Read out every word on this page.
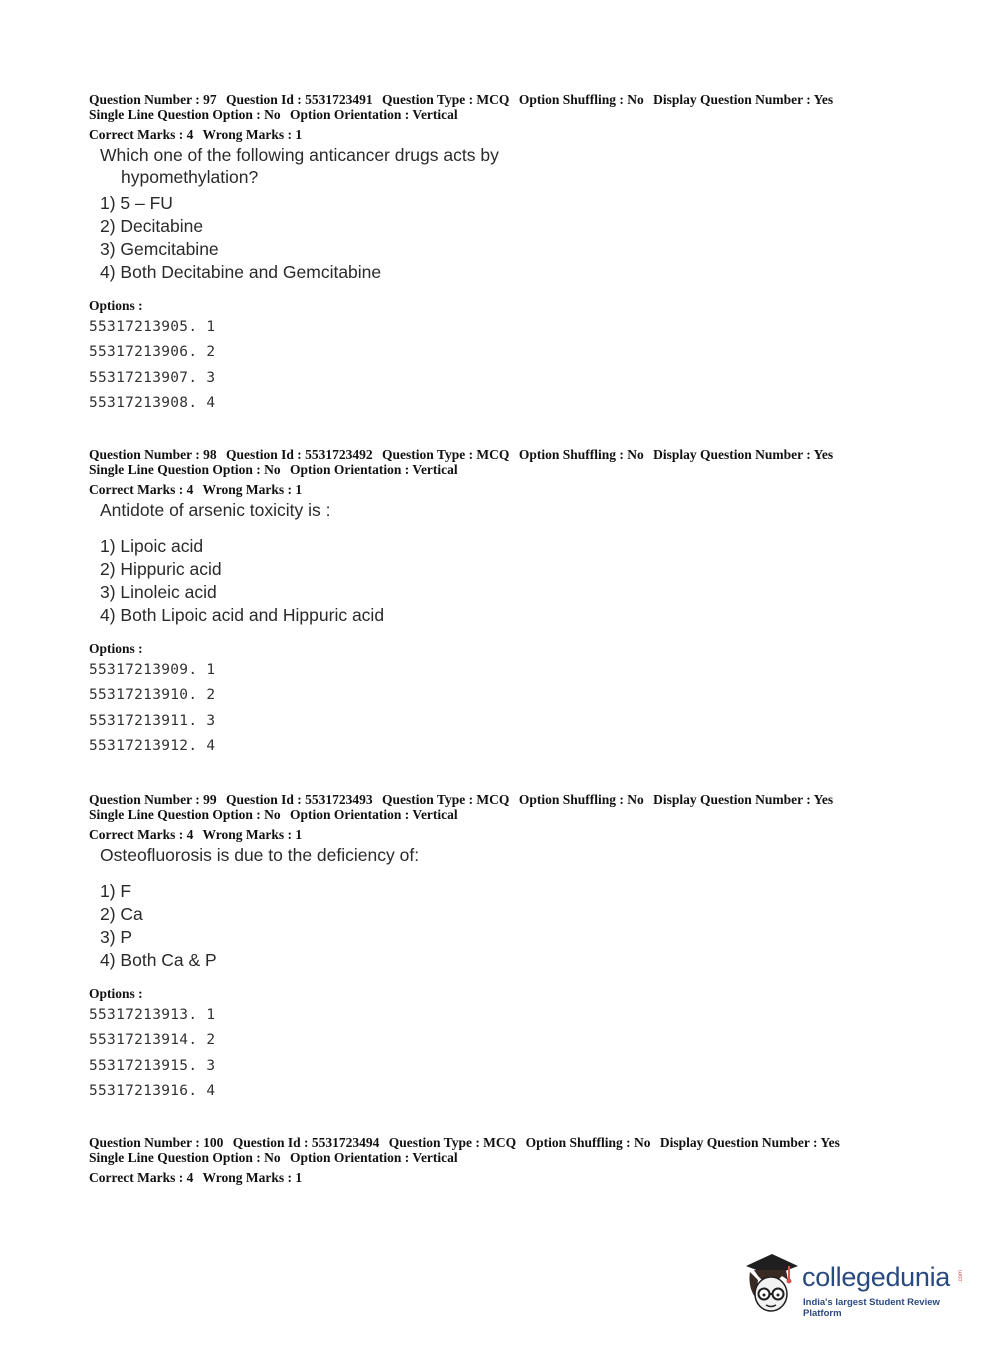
Question Number : 97 Question Id : 5531723491 Question Type : MCQ Option Shuffling : No Display Question Number : Yes
Single Line Question Option : No Option Orientation : Vertical
Correct Marks : 4 Wrong Marks : 1
Which one of the following anticancer drugs acts by
hypomethylation?
1) 5 – FU
2) Decitabine
3) Gemcitabine
4) Both Decitabine and Gemcitabine
Options :
55317213905. 1
55317213906. 2
55317213907. 3
55317213908. 4
Question Number : 98 Question Id : 5531723492 Question Type : MCQ Option Shuffling : No Display Question Number : Yes
Single Line Question Option : No Option Orientation : Vertical
Correct Marks : 4 Wrong Marks : 1
Antidote of arsenic toxicity is :
1) Lipoic acid
2) Hippuric acid
3) Linoleic acid
4) Both Lipoic acid and Hippuric acid
Options :
55317213909. 1
55317213910. 2
55317213911. 3
55317213912. 4
Question Number : 99 Question Id : 5531723493 Question Type : MCQ Option Shuffling : No Display Question Number : Yes
Single Line Question Option : No Option Orientation : Vertical
Correct Marks : 4 Wrong Marks : 1
Osteofluorosis is due to the deficiency of:
1) F
2) Ca
3) P
4) Both Ca & P
Options :
55317213913. 1
55317213914. 2
55317213915. 3
55317213916. 4
Question Number : 100 Question Id : 5531723494 Question Type : MCQ Option Shuffling : No Display Question Number : Yes
Single Line Question Option : No Option Orientation : Vertical
Correct Marks : 4 Wrong Marks : 1
collegedunia .com
India's largest Student Review Platform
